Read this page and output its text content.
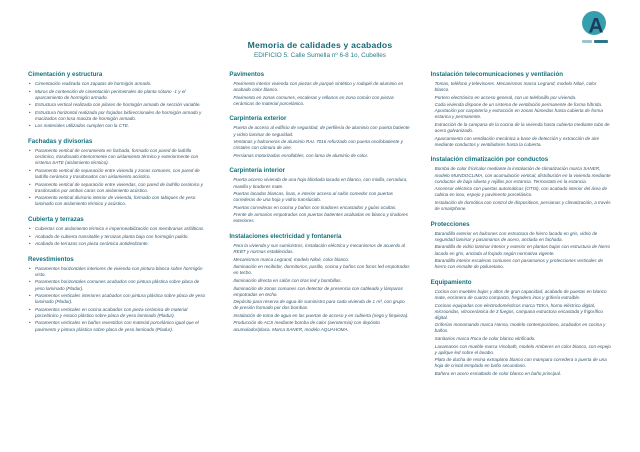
A
Memoria de calidades y acabados
EDIFICIO 5. Calle Sumella nº 6-8 1o, Cubelles
Cimentación y estructura
• Cimentación realizada con zapatas de hormigón armado.
• Muros de contención de cimentación perimetrales de planta sótano -1 y el aparcamiento de hormigón armado.
• Estructura vertical realizada con pilares de hormigón armado de sección variable.
• Estructura horizontal realizada por forjados bidireccionales de hormigón armado y macizados con losa maciza de hormigón armado.
• Los materiales utilizados cumplen con la CTE.
Fachadas y divisorias
• Paramento vertical de cerramiento en fachada, formado con pared de ladrillo cerámico, trasdosado interiormente con aislamiento térmico y exteriormente con sistema SATE (aislamiento térmico).
• Paramento vertical de separación entre vivienda y zonas comunes, con pared de ladrillo cerámico y trasdosados con aislamiento acústico.
• Paramento vertical de separación entre viviendas, con pared de ladrillo cerámico y trasdosados por ambas caras con aislamiento acústico.
• Paramento vertical divisorio interior de vivienda, formado con tabiques de yeso laminado con aislamiento térmico y acústico.
Cubierta y terrazas
• Cubiertas con aislamiento térmico e impermeabilización con membranas asfálticas.
• Acabado de cubierta transitable y terrazas planta baja con hormigón pulido.
• Acabado de terrazas con pieza cerámica antideslizante.
Revestimientos
• Paramentos horizontales interiores de vivienda con pintura blanca sobre hormigón visto.
• Paramentos horizontales comunes acabados con pintura plástica sobre placa de yeso laminado (Pladur).
• Paramentos verticales interiores acabados con pintura plástica sobre placa de yeso laminado (Pladur).
• Paramentos verticales en cocina acabados con pieza cerámica de material porcelánico y estuco plástico sobre placa de yeso laminado (Pladur).
• Paramentos verticales en baños revestidos con material porcelánico igual que el pavimento y pintura plástica sobre placa de yeso laminado (Pladur).
Pavimentos
Pavimento interior vivienda con piezas de parqué sintético y rodapié de aluminio en acabado color blanco.
Pavimento en zonas comunes, escaleras y rellanos en zona común con piezas cerámicas de material porcelánico.
Carpintería exterior
Puerta de acceso al edificio de seguridad, de perfilería de aluminio con puerta batiente y vidrio laminar de seguridad.
Ventanas y balconeras de aluminio RAL 7016 reforzado con puerta oscilobatiente y cristales con cámara de aire.
Persianas motorizadas enrollables, con lama de aluminio de color.
Carpintería interior
Puerta acceso vivienda de una hoja blindada lacada en blanco, con mirilla, cerradura, manilla y tiradores mate.
Puertas lacadas blancas, lisas, e interior acceso al salón comedor con puertas correderas de una hoja y vidrio translúcido.
Puertas correderas en cocina y baños con tiradores encastados y guías ocultas.
Frente de armarios empotrados con puertas batientes acabadas en blanco y tiradores exteriores.
Instalaciones electricidad y fontanería
Para la vivienda y sus suministros, instalación eléctrica y mecanismos de acuerdo al REBT y normas establecidas.
Mecanismos marca Legrand, modelo Niloé, color blanco.
Iluminación en recibidor, dormitorios, pasillo, cocina y baños con focos led empotrados en techo.
Iluminación directa en salón con tiras led y bombillas.
Iluminación de zonas comunes con detector de presencia con cableado y lámparas empotradas en techo.
Depósito para reserva de agua de suministro para cada vivienda de 1 m³, con grupo de presión formado por dos bombas.
Instalación de toma de agua en las puertas de acceso y en cubierta (riego y limpieza).
Producción de ACS mediante bomba de calor (aerotermia) con depósito acumulador/placa. Marca SANER, modelo AQUAHOMA.
Instalación telecomunicaciones y ventilación
Tomas, teléfono y televisores. Mecanismos marca Legrand, modelo Niloé, color blanco.
Portero electrónico en acceso general, con un telefonillo por vivienda.
Cada vivienda dispone de un sistema de ventilación permanente de forma híbrida. Aportación por carpintería y extracción en zonas húmedas hasta cubierta de forma estanca y permanente.
Extracción de la campana de la cocina de la vivienda hasta cubierta mediante tubo de acero galvanizado.
Aparcamiento con ventilación mecánica a base de detección y extracción de aire mediante conductos y ventiladores hasta la cubierta.
Instalación climatización por conductos
Bomba de calor frío/calor mediante la instalación de climatización marca SANER, modelo MUNDOCLIMA, con acumulación vertical, distribución en la vivienda mediante conductos de baja silueta y rejillas por estancia. Termostato en la estancia.
Ascensor eléctrico con puertas automáticas (OTIS), con acabado interior del área de cabina en inox, espejo y pavimento porcelánico.
Instalación de domótica con control de dispositivos, persianas y climatización, a través de smartphone.
Protecciones
Barandilla exterior en balcones con estructura de hierro lacado en gris, vidrio de seguridad laminar y pasamanos de acero, anclada en fachada.
Barandilla de vidrio laminar interior y exterior en plantas bajas con estructura de hierro lacado en gris, anclada al forjado según normativa vigente.
Barandilla interior escaleras comunes con pasamanos y protecciones verticales de hierro con esmalte de poliuretano.
Equipamiento
Cocina con muebles bajos y altos de gran capacidad, acabado de puertas en blanco mate, encimera de cuarzo compacto, fregadero inox y grifería extraíble.
Cocinas equipadas con electrodomésticos marca TEKA, horno eléctrico digital, microondas, vitrocerámica de 3 fuegos, campana extractora encastada y frigorífico digital.
Griferías monomando marca Hansa, modelo contemporáneo, acabados en cocina y baños.
Sanitarios marca Roca de color blanco vitrificado.
Lavamanos con mueble marca Visobath, modelo Amberes en color blanco, con espejo y aplique led sobre el lavabo.
Plato de ducha de resina extraplano blanco con mampara corredera o puerta de una hoja de cristal templado en baño secundario.
Bañera en acero esmaltado de color blanco en baño principal.
